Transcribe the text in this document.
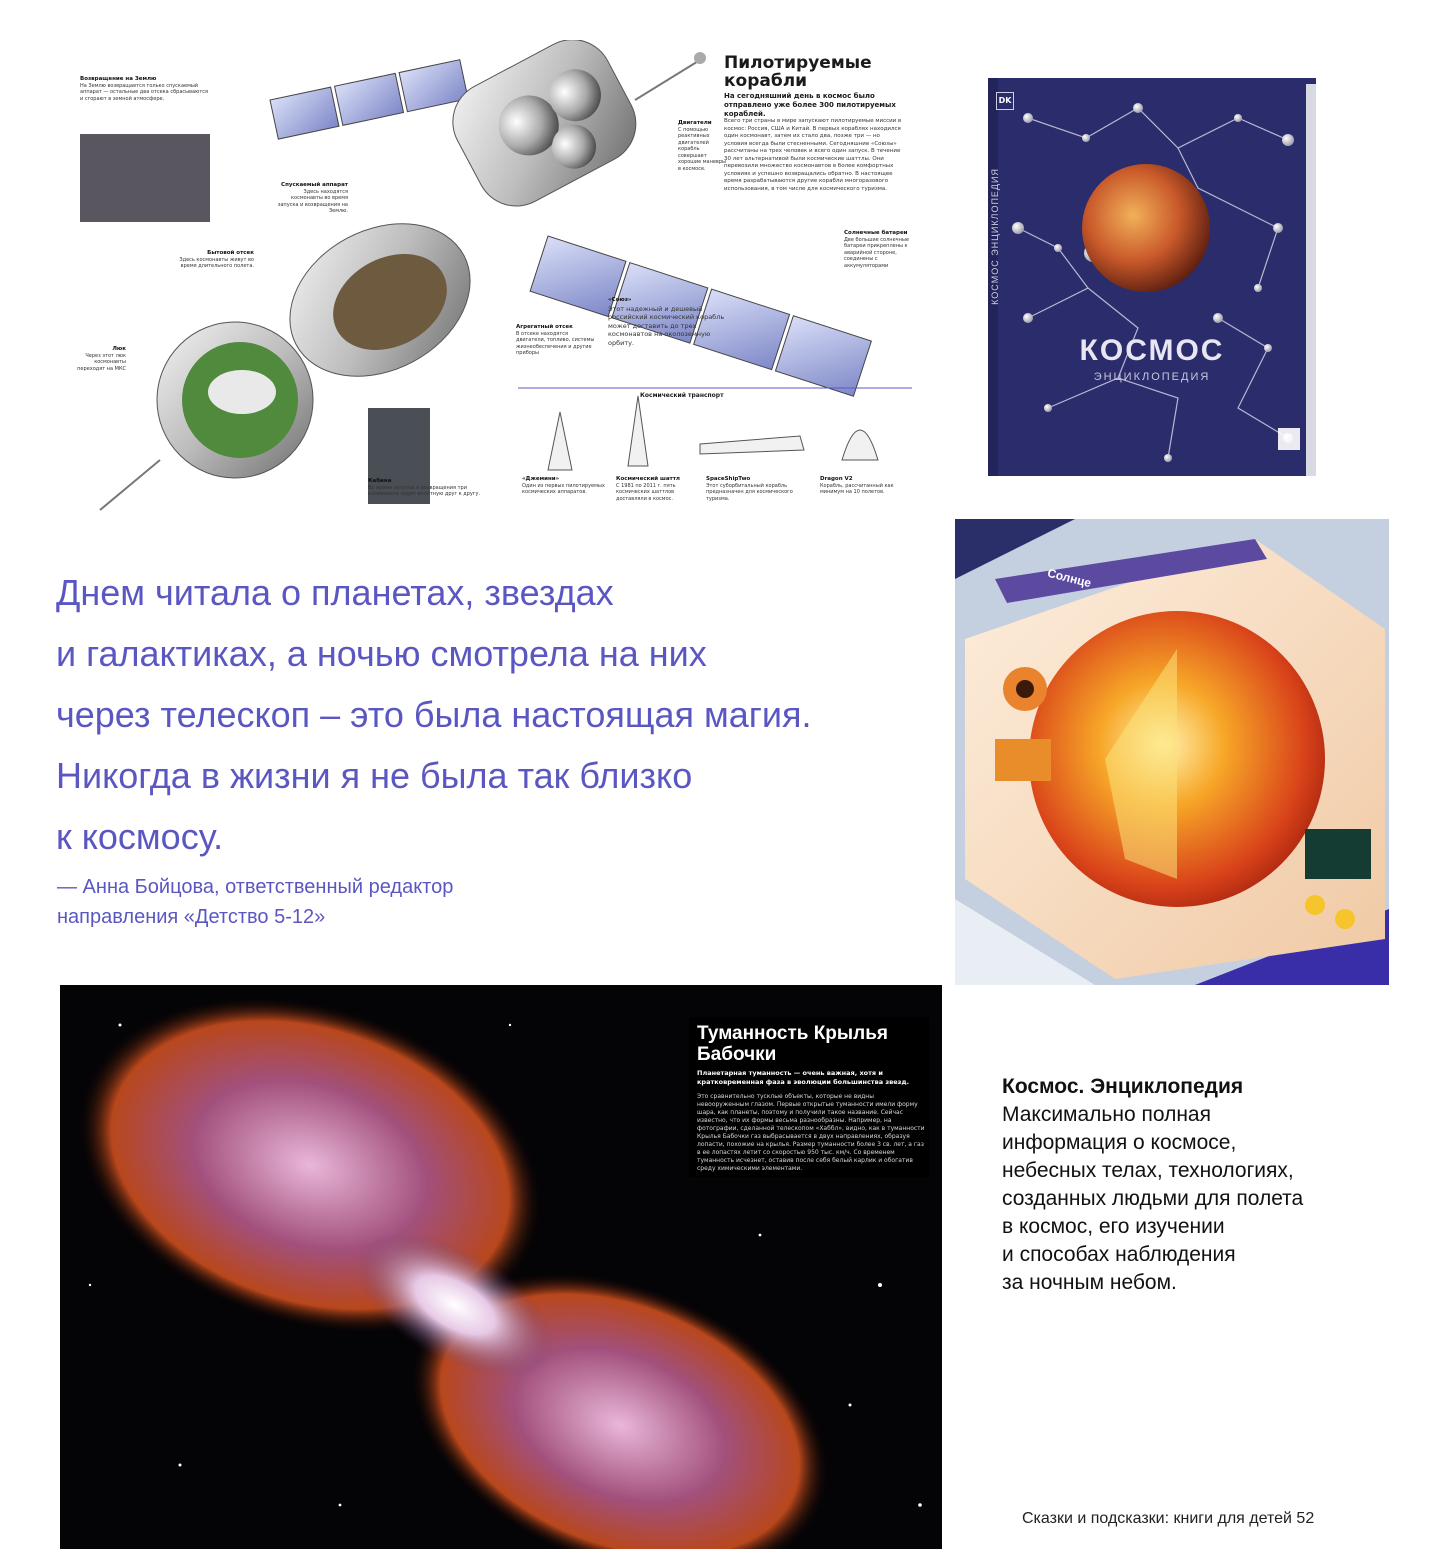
Пилотируемые корабли
На сегодняшний день в космос было отправлено уже более 300 пилотируемых кораблей.
Всего три страны в мире запускают пилотируемые миссии в космос: Россия, США и Китай. В первых кораблях находился один космонавт, затем их стало два, позже три — но условия всегда были стесненными. Сегодняшние «Союзы» рассчитаны на трех человек и всего один запуск. В течение 30 лет альтернативой были космические шаттлы. Они перевозили множество космонавтов в более комфортных условиях и успешно возвращались обратно. В настоящее время разрабатываются другие корабли многоразового использования, в том числе для космического туризма.
Возвращение на Землю
На Землю возвращается только спускаемый аппарат — остальные два отсека сбрасываются и сгорают в земной атмосфере.
Спускаемый аппарат
Здесь находятся космонавты во время запуска и возвращения на Землю.
Бытовой отсек
Здесь космонавты живут во время длительного полета.
Люк
Через этот люк космонавты переходят на МКС
Кабина
Во время запуска и возвращения три космонавта сидят вплотную друг к другу.
Агрегатный отсек
В отсеке находятся двигатели, топливо, системы жизнеобеспечения и другие приборы
«Союз»
Этот надежный и дешевый российский космический корабль может доставить до трех космонавтов на околоземную орбиту.
Солнечные батареи
Две большие солнечные батареи прикреплены к аварийной стороне, соединены с аккумуляторами
Двигатели
С помощью реактивных двигателей корабль совершает хорошие маневры в космосе.
Космический транспорт
«Джемини»
Один из первых пилотируемых космических аппаратов.
Космический шаттл
С 1981 по 2011 г. пять космических шаттлов доставляли в космос.
SpaceShipTwo
Этот суборбитальный корабль предназначен для космического туризма.
Dragon V2
Корабль, рассчитанный как минимум на 10 полетов.
DK
КОСМОС ЭНЦИКЛОПЕДИЯ
КОСМОС
ЭНЦИКЛОПЕДИЯ
Днем читала о планетах, звездах
и галактиках, а ночью смотрела на них
через телескоп – это была настоящая магия.
Никогда в жизни я не была так близко
к космосу.
— Анна Бойцова, ответственный редактор
направления «Детство 5-12»
Солнце
Туманность Крылья Бабочки
Планетарная туманность — очень важная, хотя и кратковременная фаза в эволюции большинства звезд.
Это сравнительно тусклые объекты, которые не видны невооруженным глазом. Первые открытые туманности имели форму шара, как планеты, поэтому и получили такое название. Сейчас известно, что их формы весьма разнообразны. Например, на фотографии, сделанной телескопом «Хаббл», видно, как в туманности Крылья Бабочки газ выбрасывается в двух направлениях, образуя лопасти, похожие на крылья. Размер туманности более 3 св. лет, а газ в ее лопастях летит со скоростью 950 тыс. км/ч. Со временем туманность исчезнет, оставив после себя белый карлик и обогатив среду химическими элементами.
Космос. Энциклопедия
Максимально полная
информация о космосе,
небесных телах, технологиях,
созданных людьми для полета
в космос, его изучении
и способах наблюдения
за ночным небом.
Сказки и подсказки: книги для детей 52
